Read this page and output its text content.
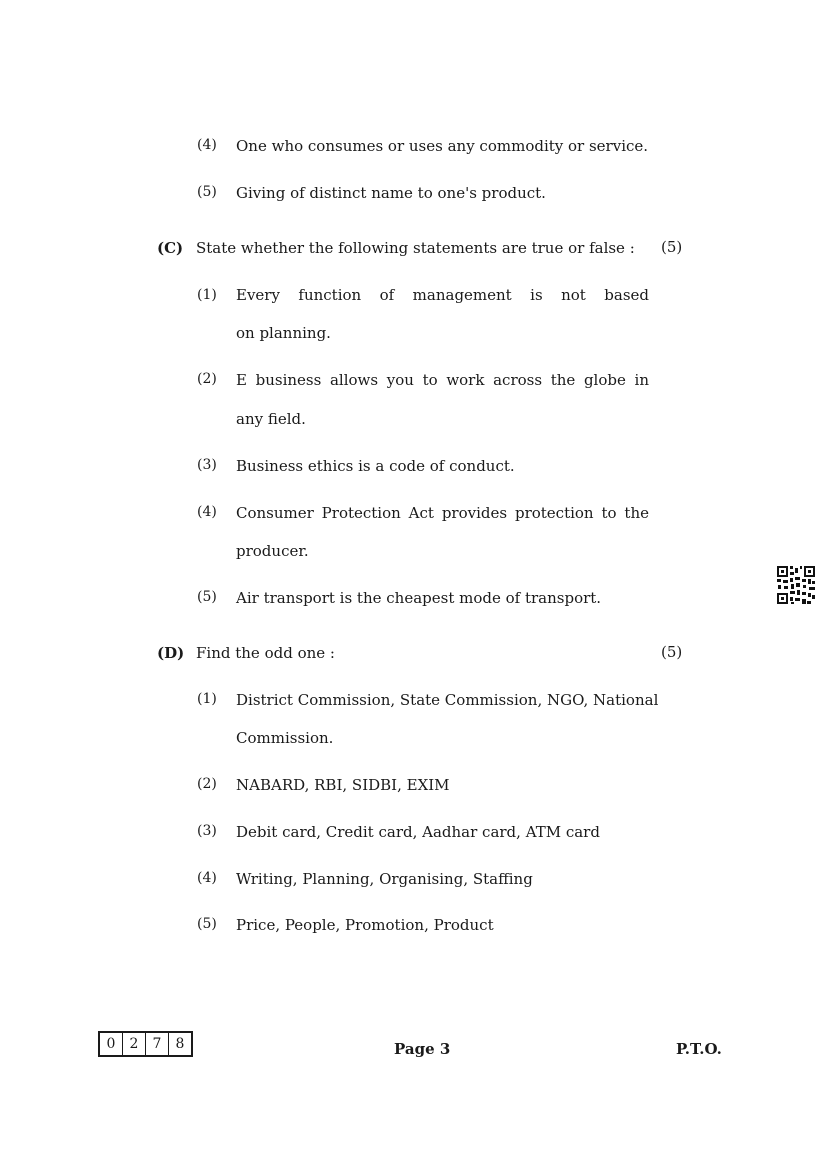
(4) One who consumes or uses any commodity or service.
(5) Giving of distinct name to one's product.
(C) State whether the following statements are true or false : (5)
(1) Every function of management is not based
on planning.
(2) E business allows you to work across the globe in
any field.
(3) Business ethics is a code of conduct.
(4) Consumer Protection Act provides protection to the
producer.
(5) Air transport is the cheapest mode of transport.
(D) Find the odd one :	(5)
(1) District Commission, State Commission, NGO, National
Commission.
(2) NABARD, RBI, SIDBI, EXIM
(3) Debit card, Credit card, Aadhar card, ATM card
(4) Writing, Planning, Organising, Staffing
(5) Price, People, Promotion, Product
0	2	7	8	Page 3	P.T.O.
